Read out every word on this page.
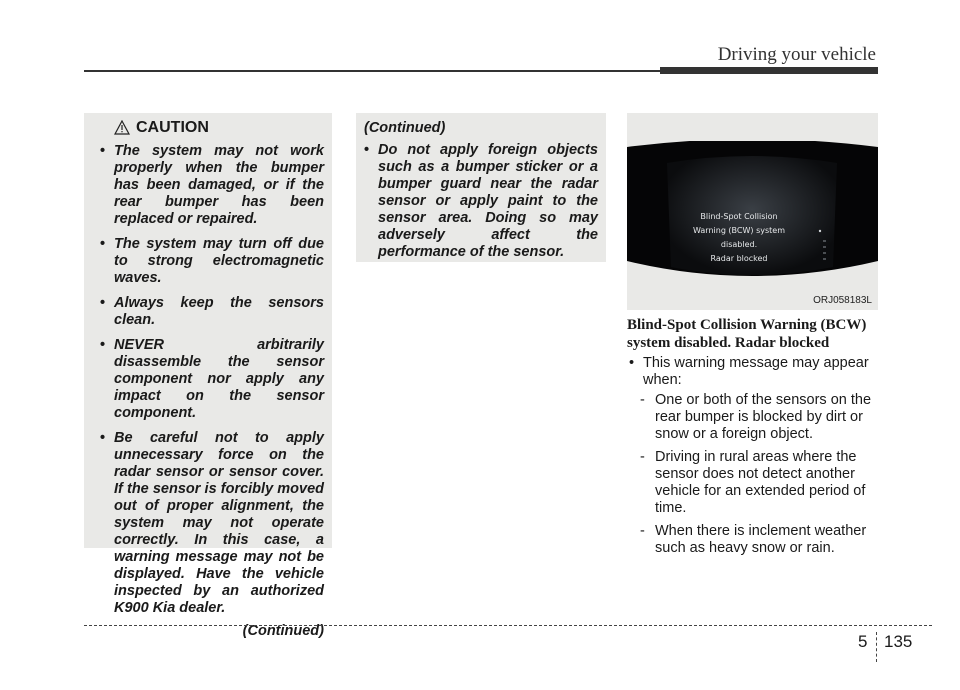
Driving your vehicle
CAUTION
• The system may not work properly when the bumper has been damaged, or if the rear bumper has been replaced or repaired.
• The system may turn off due to strong electromagnetic waves.
• Always keep the sensors clean.
• NEVER arbitrarily disassemble the sensor component nor apply any impact on the sensor component.
• Be careful not to apply unnecessary force on the radar sensor or sensor cover. If the sensor is forcibly moved out of proper alignment, the system may not operate correctly. In this case, a warning message may not be displayed. Have the vehicle inspected by an authorized K900 Kia dealer.
(Continued)
(Continued)
• Do not apply foreign objects such as a bumper sticker or a bumper guard near the radar sensor or apply paint to the sensor area. Doing so may adversely affect the performance of the sensor.
Blind-Spot Collision
Warning (BCW) system
disabled.
Radar blocked
ORJ058183L
Blind-Spot Collision Warning (BCW) system disabled. Radar blocked
• This warning message may appear when:
- One or both of the sensors on the rear bumper is blocked by dirt or snow or a foreign object.
- Driving in rural areas where the sensor does not detect another vehicle for an extended period of time.
- When there is inclement weather such as heavy snow or rain.
5 135
